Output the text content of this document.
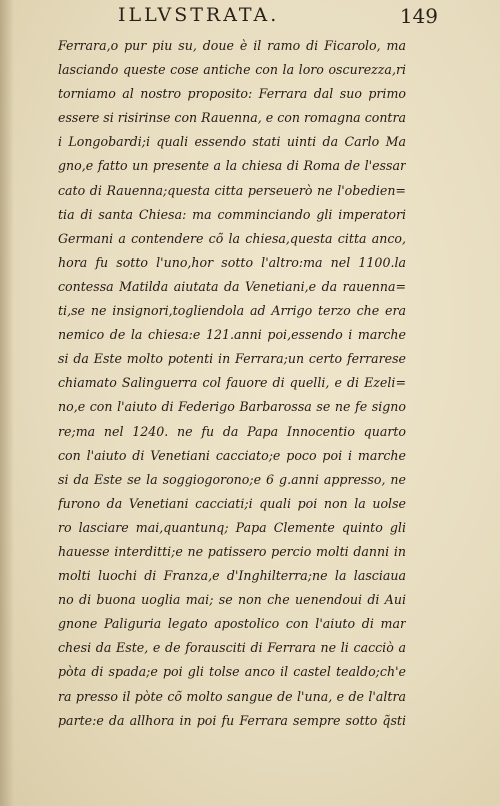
ILLVSTRATA.	149
Ferrara,o pur piu su, doue è il ramo di Ficarolo, ma
lasciando queste cose antiche con la loro oscurezza,ri
torniamo al nostro proposito: Ferrara dal suo primo
essere si risirinse con Rauenna, e con romagna contra
i Longobardi;i quali essendo stati uinti da Carlo Ma
gno,e fatto un presente a la chiesa di Roma de l'essar
cato di Rauenna;questa citta perseuerò ne l'obedien=
tia di santa Chiesa: ma comminciando gli imperatori
Germani a contendere cõ la chiesa,questa citta anco,
hora fu sotto l'uno,hor sotto l'altro:ma nel 1100.la
contessa Matilda aiutata da Venetiani,e da rauenna=
ti,se ne insignori,togliendola ad Arrigo terzo che era
nemico de la chiesa:e 121.anni poi,essendo i marche
si da Este molto potenti in Ferrara;un certo ferrarese
chiamato Salinguerra col fauore di quelli, e di Ezeli=
no,e con l'aiuto di Federigo Barbarossa se ne fe signo
re;ma nel 1240. ne fu da Papa Innocentio quarto
con l'aiuto di Venetiani cacciato;e poco poi i marche
si da Este se la soggiogorono;e 6 g.anni appresso, ne
furono da Venetiani cacciati;i quali poi non la uolse
ro lasciare mai,quantunq; Papa Clemente quinto gli
hauesse interditti;e ne patissero percio molti danni in
molti luochi di Franza,e d'Inghilterra;ne la lasciaua
no di buona uoglia mai; se non che uenendoui di Aui
gnone Paliguria legato apostolico con l'aiuto di mar
chesi da Este, e de forausciti di Ferrara ne li cacciò a
pòta di spada;e poi gli tolse anco il castel tealdo;ch'e
ra presso il pòte cõ molto sangue de l'una, e de l'altra
parte:e da allhora in poi fu Ferrara sempre sotto q̃sti
